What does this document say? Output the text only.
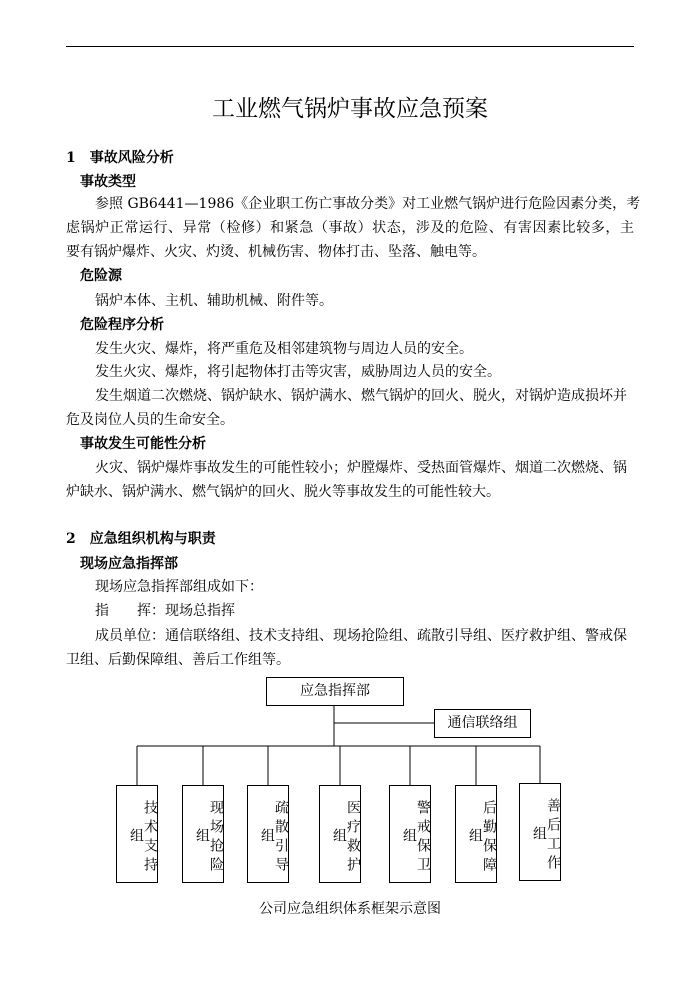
工业燃气锅炉事故应急预案
1　事故风险分析
事故类型
参照 GB6441—1986《企业职工伤亡事故分类》对工业燃气锅炉进行危险因素分类，考
虑锅炉正常运行、异常（检修）和紧急（事故）状态，涉及的危险、有害因素比较多，主
要有锅炉爆炸、火灾、灼烫、机械伤害、物体打击、坠落、触电等。
危险源
锅炉本体、主机、辅助机械、附件等。
危险程序分析
发生火灾、爆炸，将严重危及相邻建筑物与周边人员的安全。
发生火灾、爆炸，将引起物体打击等灾害，威胁周边人员的安全。
发生烟道二次燃烧、锅炉缺水、锅炉满水、燃气锅炉的回火、脱火，对锅炉造成损坏并
危及岗位人员的生命安全。
事故发生可能性分析
火灾、锅炉爆炸事故发生的可能性较小；炉膛爆炸、受热面管爆炸、烟道二次燃烧、锅
炉缺水、锅炉满水、燃气锅炉的回火、脱火等事故发生的可能性较大。
2　应急组织机构与职责
现场应急指挥部
现场应急指挥部组成如下：
指　　挥：现场总指挥
成员单位：通信联络组、技术支持组、现场抢险组、疏散引导组、医疗救护组、警戒保
卫组、后勤保障组、善后工作组等。
应急指挥部
通信联络组
技术支持组	现场抢险组	疏散引导组	医疗救护组	警戒保卫组	后勤保障组	善后工作组
公司应急组织体系框架示意图
